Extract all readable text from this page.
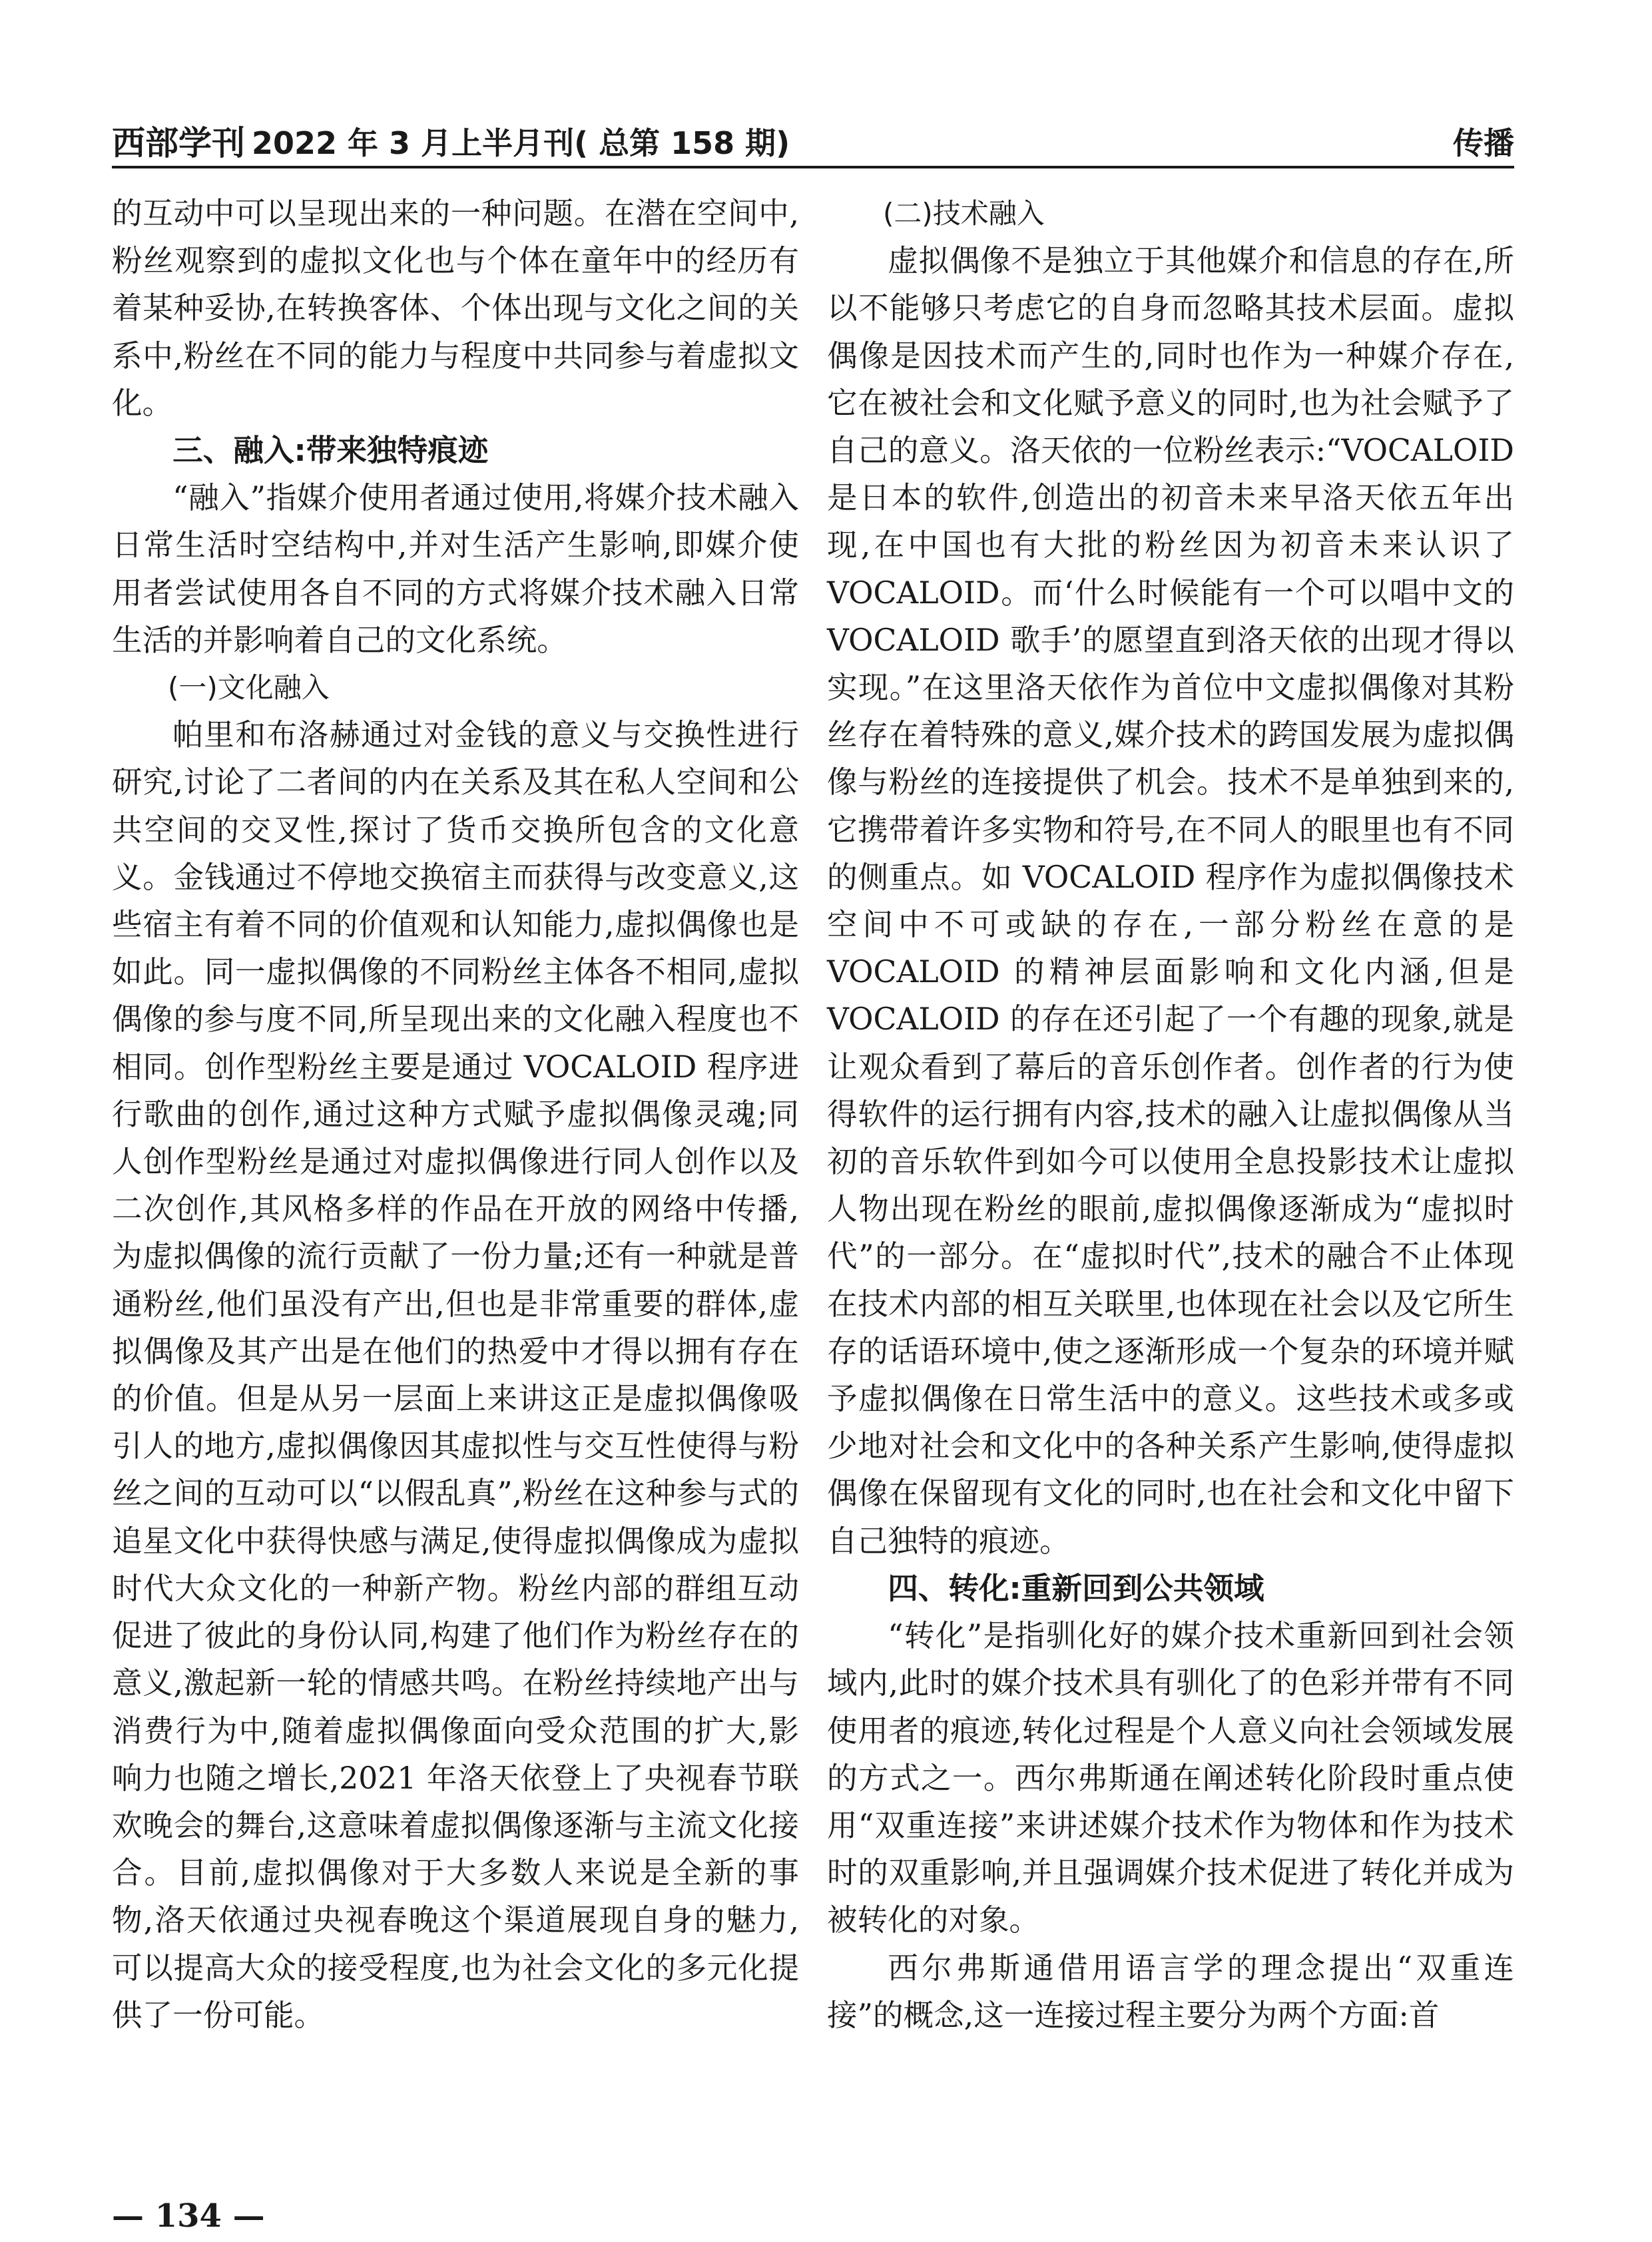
西部学刊 2022 年 3 月上半月刊( 总第 158 期)	传播

的互动中可以呈现出来的一种问题。在潜在空间中,粉丝观察到的虚拟文化也与个体在童年中的经历有着某种妥协,在转换客体、个体出现与文化之间的关系中,粉丝在不同的能力与程度中共同参与着虚拟文化。

三、融入:带来独特痕迹

“融入”指媒介使用者通过使用,将媒介技术融入日常生活时空结构中,并对生活产生影响,即媒介使用者尝试使用各自不同的方式将媒介技术融入日常生活的并影响着自己的文化系统。

(一)文化融入

帕里和布洛赫通过对金钱的意义与交换性进行研究,讨论了二者间的内在关系及其在私人空间和公共空间的交叉性,探讨了货币交换所包含的文化意义。金钱通过不停地交换宿主而获得与改变意义,这些宿主有着不同的价值观和认知能力,虚拟偶像也是如此。同一虚拟偶像的不同粉丝主体各不相同,虚拟偶像的参与度不同,所呈现出来的文化融入程度也不相同。创作型粉丝主要是通过 VOCALOID 程序进行歌曲的创作,通过这种方式赋予虚拟偶像灵魂;同人创作型粉丝是通过对虚拟偶像进行同人创作以及二次创作,其风格多样的作品在开放的网络中传播,为虚拟偶像的流行贡献了一份力量;还有一种就是普通粉丝,他们虽没有产出,但也是非常重要的群体,虚拟偶像及其产出是在他们的热爱中才得以拥有存在的价值。但是从另一层面上来讲这正是虚拟偶像吸引人的地方,虚拟偶像因其虚拟性与交互性使得与粉丝之间的互动可以“以假乱真”,粉丝在这种参与式的追星文化中获得快感与满足,使得虚拟偶像成为虚拟时代大众文化的一种新产物。粉丝内部的群组互动促进了彼此的身份认同,构建了他们作为粉丝存在的意义,激起新一轮的情感共鸣。在粉丝持续地产出与消费行为中,随着虚拟偶像面向受众范围的扩大,影响力也随之增长,2021 年洛天依登上了央视春节联欢晚会的舞台,这意味着虚拟偶像逐渐与主流文化接合。目前,虚拟偶像对于大多数人来说是全新的事物,洛天依通过央视春晚这个渠道展现自身的魅力,可以提高大众的接受程度,也为社会文化的多元化提供了一份可能。

(二)技术融入

虚拟偶像不是独立于其他媒介和信息的存在,所以不能够只考虑它的自身而忽略其技术层面。虚拟偶像是因技术而产生的,同时也作为一种媒介存在,它在被社会和文化赋予意义的同时,也为社会赋予了自己的意义。洛天依的一位粉丝表示:“VOCALOID 是日本的软件,创造出的初音未来早洛天依五年出现,在中国也有大批的粉丝因为初音未来认识了 VOCALOID。而‘什么时候能有一个可以唱中文的 VOCALOID 歌手’的愿望直到洛天依的出现才得以实现。”在这里洛天依作为首位中文虚拟偶像对其粉丝存在着特殊的意义,媒介技术的跨国发展为虚拟偶像与粉丝的连接提供了机会。技术不是单独到来的,它携带着许多实物和符号,在不同人的眼里也有不同的侧重点。如 VOCALOID 程序作为虚拟偶像技术空间中不可或缺的存在,一部分粉丝在意的是 VOCALOID 的精神层面影响和文化内涵,但是 VOCALOID 的存在还引起了一个有趣的现象,就是让观众看到了幕后的音乐创作者。创作者的行为使得软件的运行拥有内容,技术的融入让虚拟偶像从当初的音乐软件到如今可以使用全息投影技术让虚拟人物出现在粉丝的眼前,虚拟偶像逐渐成为“虚拟时代”的一部分。在“虚拟时代”,技术的融合不止体现在技术内部的相互关联里,也体现在社会以及它所生存的话语环境中,使之逐渐形成一个复杂的环境并赋予虚拟偶像在日常生活中的意义。这些技术或多或少地对社会和文化中的各种关系产生影响,使得虚拟偶像在保留现有文化的同时,也在社会和文化中留下自己独特的痕迹。

四、转化:重新回到公共领域

“转化”是指驯化好的媒介技术重新回到社会领域内,此时的媒介技术具有驯化了的色彩并带有不同使用者的痕迹,转化过程是个人意义向社会领域发展的方式之一。西尔弗斯通在阐述转化阶段时重点使用“双重连接”来讲述媒介技术作为物体和作为技术时的双重影响,并且强调媒介技术促进了转化并成为被转化的对象。

西尔弗斯通借用语言学的理念提出“双重连接”的概念,这一连接过程主要分为两个方面:首

— 134 —
